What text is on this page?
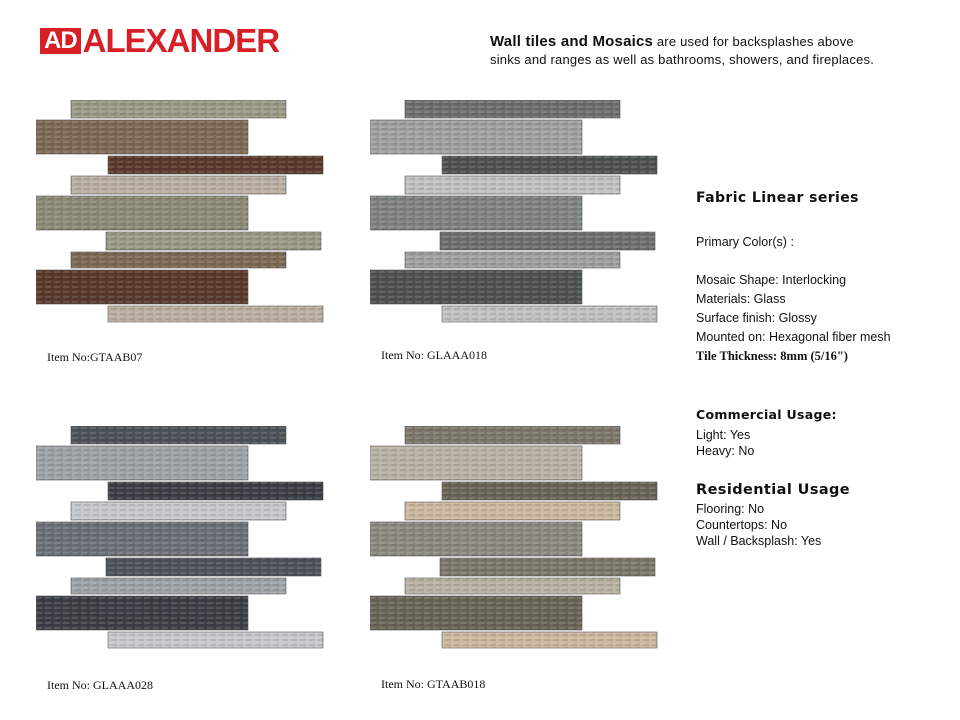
AD ALEXANDER	Wall tiles and Mosaics are used for backsplashes above
sinks and ranges as well as bathrooms, showers, and fireplaces.
Item No:GTAAB07	Item No: GLAAA018
Item No: GLAAA028	Item No: GTAAB018
Fabric Linear series
Primary Color(s) :
Mosaic Shape: Interlocking
Materials: Glass
Surface finish: Glossy
Mounted on: Hexagonal fiber mesh
Tile Thickness: 8mm (5/16")
Commercial Usage:
Light: Yes
Heavy: No
Residential Usage
Flooring: No
Countertops: No
Wall / Backsplash: Yes
